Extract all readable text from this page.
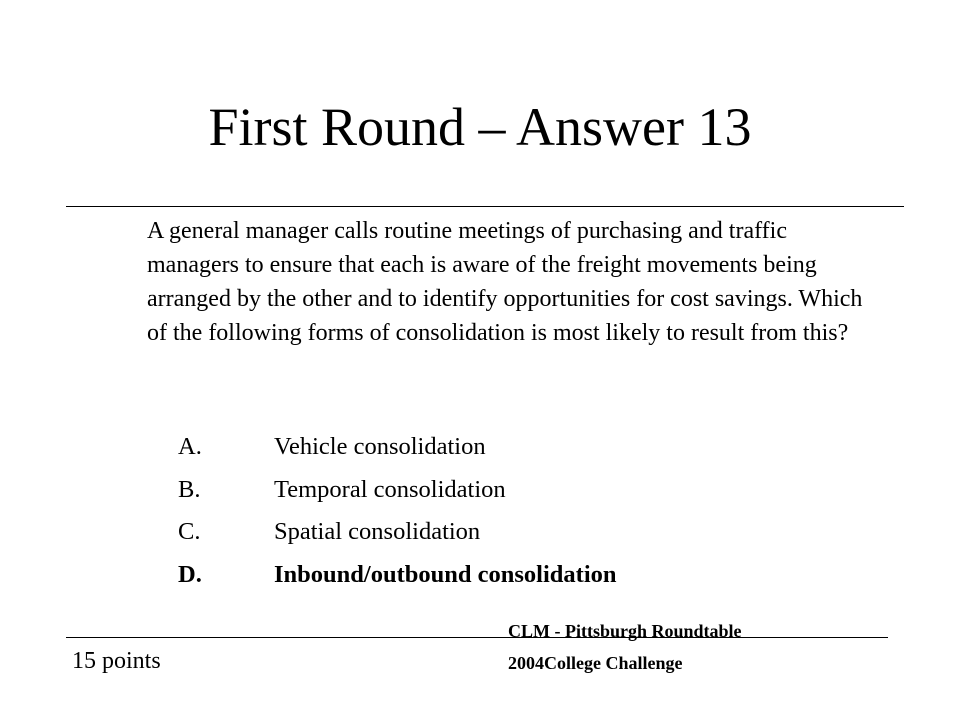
First Round – Answer 13

A general manager calls routine meetings of purchasing and traffic managers to ensure that each is aware of the freight movements being arranged by the other and to identify opportunities for cost savings. Which of the following forms of consolidation is most likely to result from this?

A.	Vehicle consolidation
B.	Temporal consolidation
C.	Spatial consolidation
D.	Inbound/outbound consolidation
15 points
CLM - Pittsburgh Roundtable
2004College Challenge
